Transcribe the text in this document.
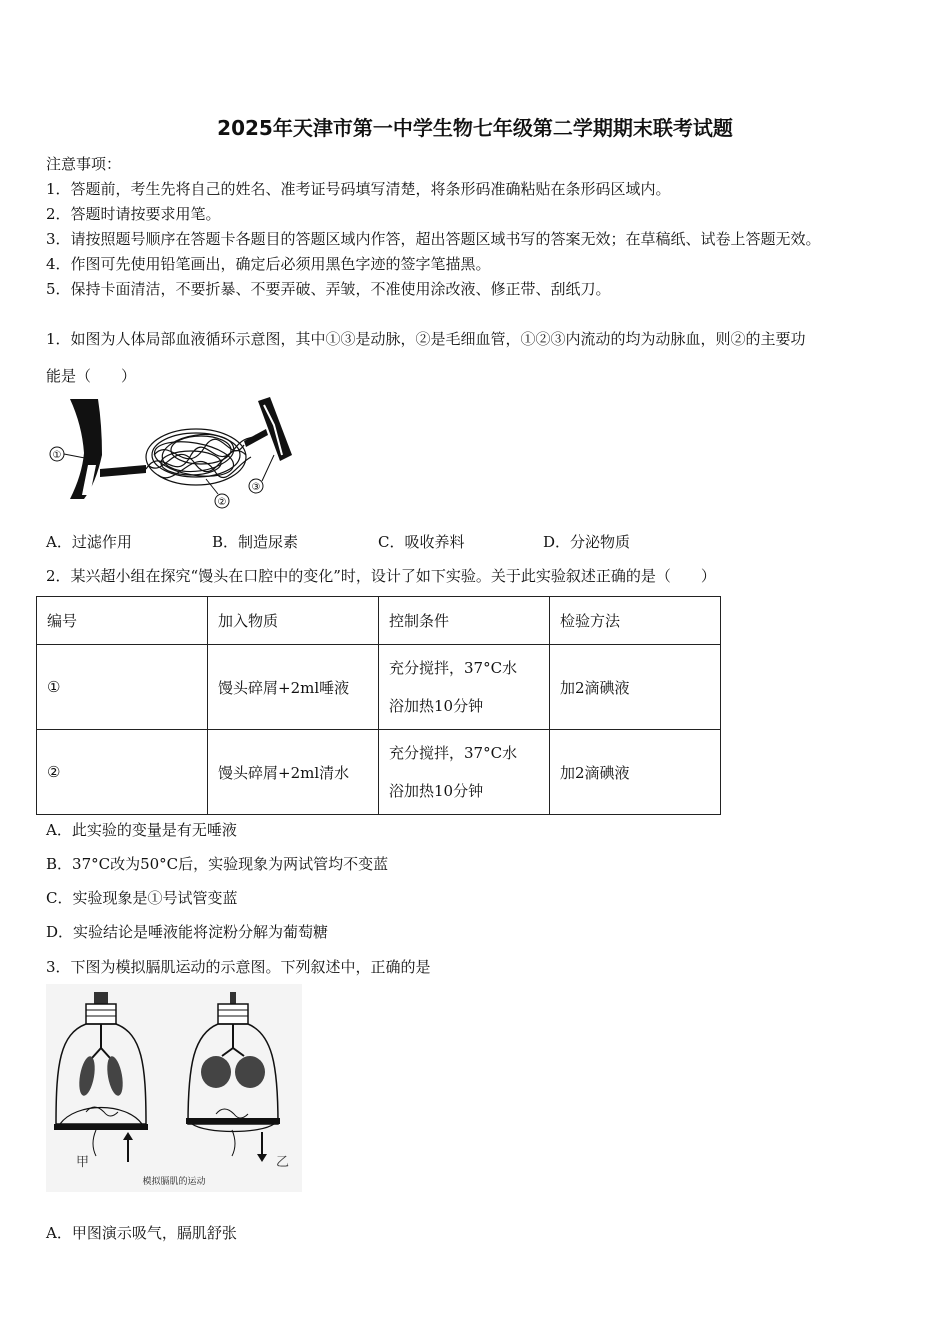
2025年天津市第一中学生物七年级第二学期期末联考试题
注意事项：
1．答题前，考生先将自己的姓名、准考证号码填写清楚，将条形码准确粘贴在条形码区域内。
2．答题时请按要求用笔。
3．请按照题号顺序在答题卡各题目的答题区域内作答，超出答题区域书写的答案无效；在草稿纸、试卷上答题无效。
4．作图可先使用铅笔画出，确定后必须用黑色字迹的签字笔描黑。
5．保持卡面清洁，不要折暴、不要弄破、弄皱，不准使用涂改液、修正带、刮纸刀。
1．如图为人体局部血液循环示意图，其中①③是动脉，②是毛细血管，①②③内流动的均为动脉血，则②的主要功
能是（　　）
①
②
③
A．过滤作用	B．制造尿素	C．吸收养料	D．分泌物质
2．某兴超小组在探究“馒头在口腔中的变化”时，设计了如下实验。关于此实验叙述正确的是（　　）
编号	加入物质	控制条件	检验方法
①	馒头碎屑+2ml唾液	充分搅拌，37°C水
浴加热10分钟	加2滴碘液
②	馒头碎屑+2ml清水	充分搅拌，37°C水
浴加热10分钟	加2滴碘液
A．此实验的变量是有无唾液
B．37°C改为50°C后，实验现象为两试管均不变蓝
C．实验现象是①号试管变蓝
D．实验结论是唾液能将淀粉分解为葡萄糖
3．下图为模拟膈肌运动的示意图。下列叙述中，正确的是
甲	乙
模拟膈肌的运动
A．甲图演示吸气，膈肌舒张
